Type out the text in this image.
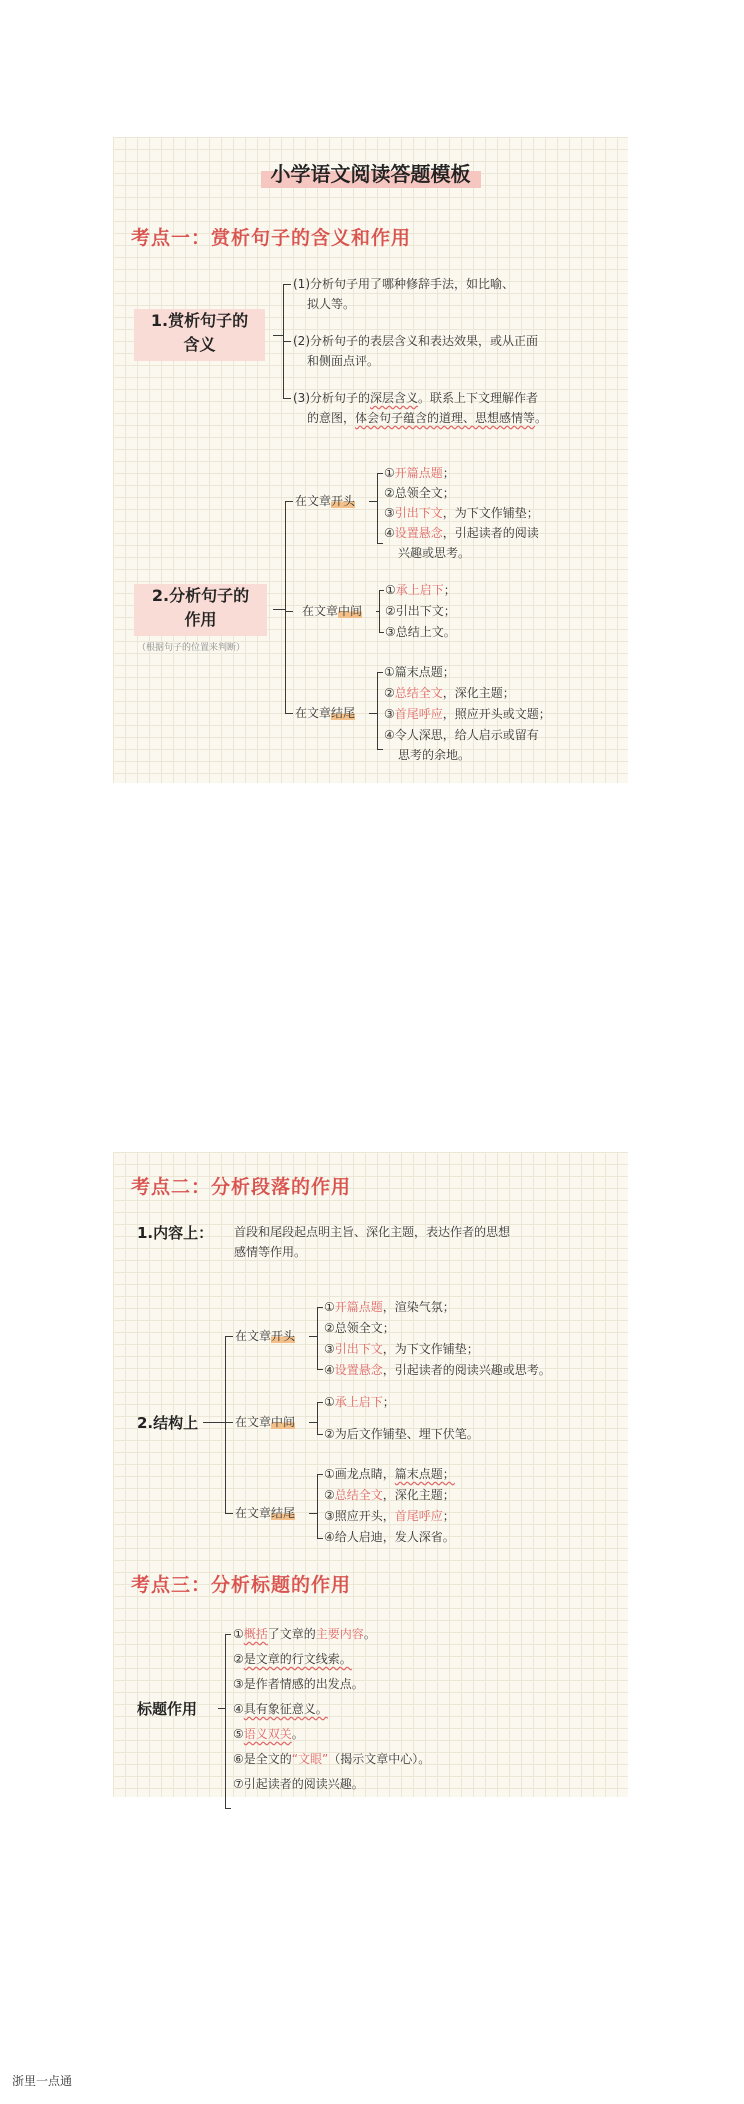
小学语文阅读答题模板
考点一：赏析句子的含义和作用
1.赏析句子的
含义
(1)分析句子用了哪种修辞手法，如比喻、
拟人等。
(2)分析句子的表层含义和表达效果，或从正面
和侧面点评。
(3)分析句子的深层含义。联系上下文理解作者
的意图，体会句子蕴含的道理、思想感情等。
2.分析句子的
作用
（根据句子的位置来判断）
在文章开头
①开篇点题；
②总领全文；
③引出下文，为下文作铺垫；
④设置悬念，引起读者的阅读
兴趣或思考。
在文章中间
①承上启下；
②引出下文；
③总结上文。
在文章结尾
①篇末点题；
②总结全文，深化主题；
③首尾呼应，照应开头或文题；
④令人深思，给人启示或留有
思考的余地。
考点二：分析段落的作用
1.内容上： 首段和尾段起点明主旨、深化主题，表达作者的思想
感情等作用。
2.结构上
在文章开头
①开篇点题，渲染气氛；
②总领全文；
③引出下文，为下文作铺垫；
④设置悬念，引起读者的阅读兴趣或思考。
在文章中间
①承上启下；
②为后文作铺垫、埋下伏笔。
在文章结尾
①画龙点睛，篇末点题；
②总结全文，深化主题；
③照应开头，首尾呼应；
④给人启迪，发人深省。
考点三：分析标题的作用
标题作用
①概括了文章的主要内容。
②是文章的行文线索。
③是作者情感的出发点。
④具有象征意义。
⑤语义双关。
⑥是全文的“文眼”（揭示文章中心）。
⑦引起读者的阅读兴趣。
浙里一点通
